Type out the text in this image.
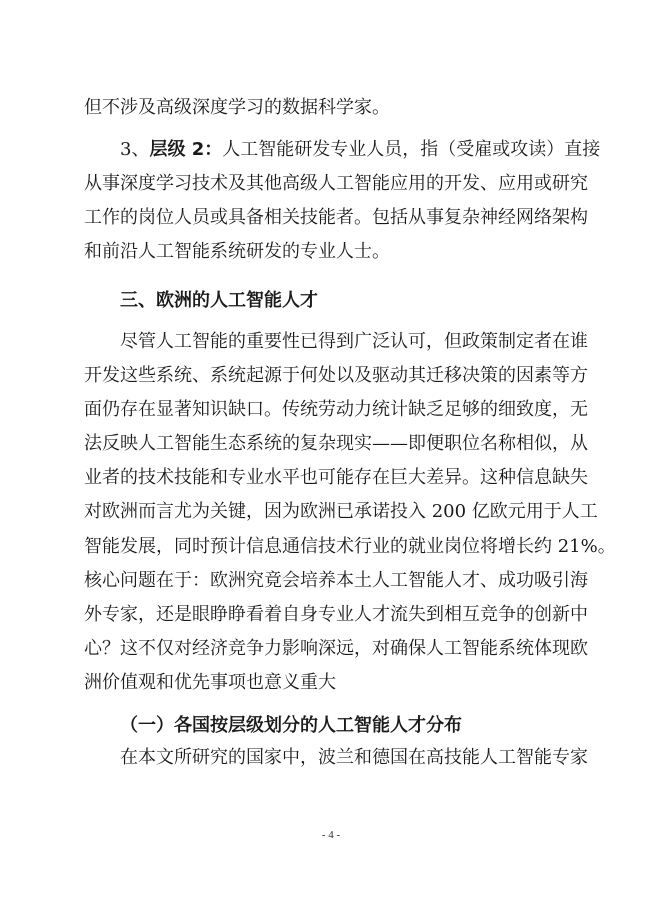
但不涉及高级深度学习的数据科学家。
3、层级 2：人工智能研发专业人员，指（受雇或攻读）直接
从事深度学习技术及其他高级人工智能应用的开发、应用或研究
工作的岗位人员或具备相关技能者。包括从事复杂神经网络架构
和前沿人工智能系统研发的专业人士。
三、欧洲的人工智能人才
尽管人工智能的重要性已得到广泛认可，但政策制定者在谁
开发这些系统、系统起源于何处以及驱动其迁移决策的因素等方
面仍存在显著知识缺口。传统劳动力统计缺乏足够的细致度，无
法反映人工智能生态系统的复杂现实——即便职位名称相似，从
业者的技术技能和专业水平也可能存在巨大差异。这种信息缺失
对欧洲而言尤为关键，因为欧洲已承诺投入 200 亿欧元用于人工
智能发展，同时预计信息通信技术行业的就业岗位将增长约 21%。
核心问题在于：欧洲究竟会培养本土人工智能人才、成功吸引海
外专家，还是眼睁睁看着自身专业人才流失到相互竞争的创新中
心？这不仅对经济竞争力影响深远，对确保人工智能系统体现欧
洲价值观和优先事项也意义重大
（一）各国按层级划分的人工智能人才分布
在本文所研究的国家中，波兰和德国在高技能人工智能专家
- 4 -
